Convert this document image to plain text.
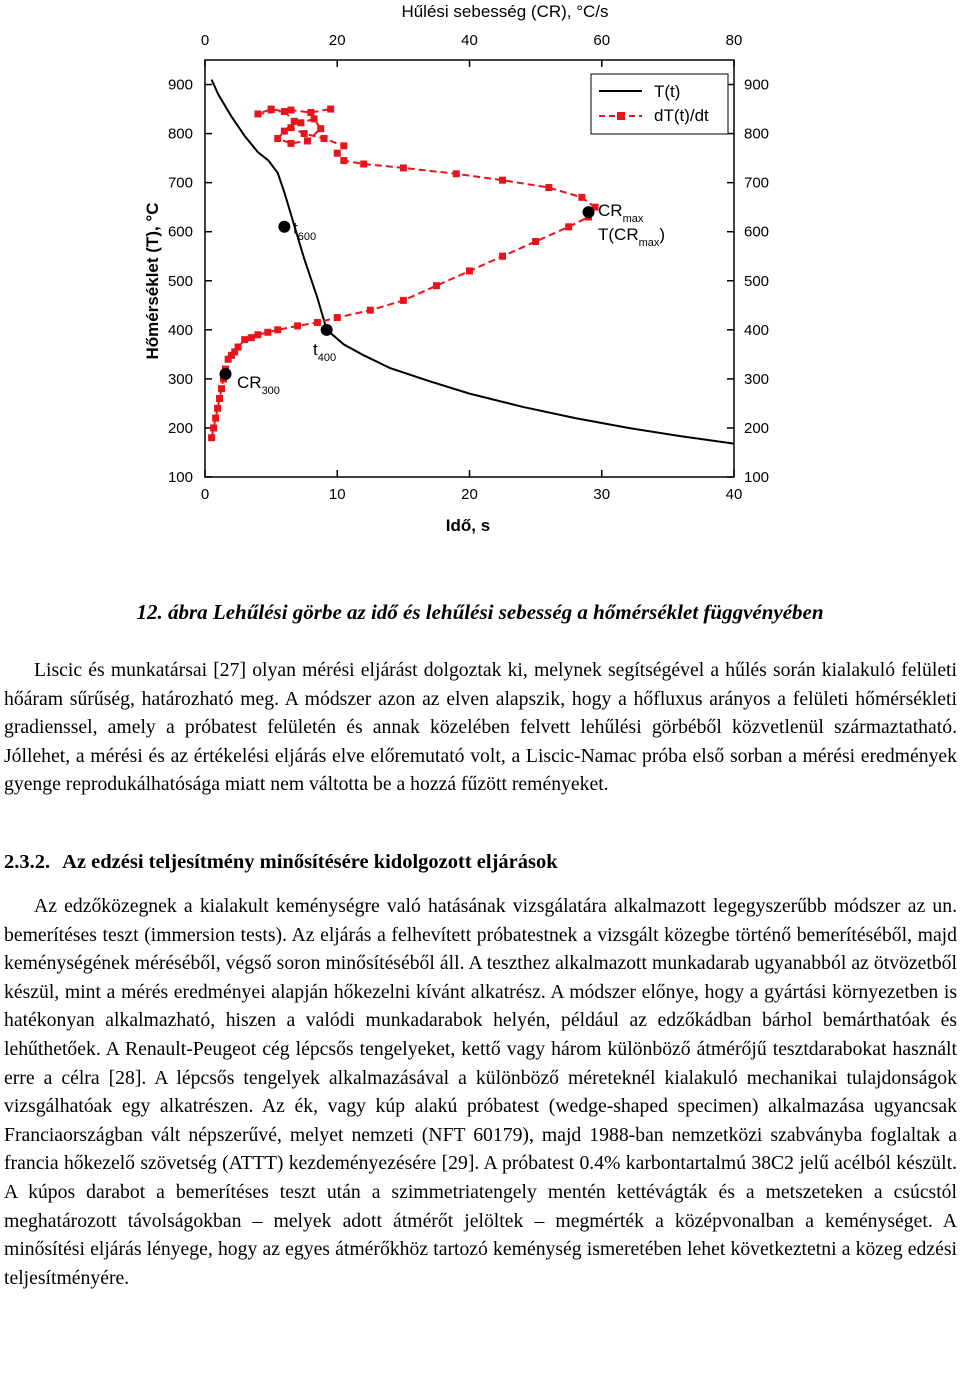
Hűlési sebesség (CR), °C/s
Idő, s
Hőmérséklet (T), °C
0	10	20	30	40
0	20	40	60	80
100	100
200	200
300	300
400	400
500	500
600	600
700	700
800	800
900	900
T(t)
dT(t)/dt
$t_{600}$
$t_{400}$
$CR_{300}$
$CR_{max}$
$T(CR_{max})$

12. ábra Lehűlési görbe az idő és lehűlési sebesség a hőmérséklet függvényében

Liscic és munkatársai [27] olyan mérési eljárást dolgoztak ki, melynek segítségével a hűlés során kialakuló felületi hőáram sűrűség, határozható meg. A módszer azon az elven alapszik, hogy a hőfluxus arányos a felületi hőmérsékleti gradienssel, amely a próbatest felületén és annak közelében felvett lehűlési görbéből közvetlenül származtatható. Jóllehet, a mérési és az értékelési eljárás elve előremutató volt, a Liscic-Namac próba első sorban a mérési eredmények gyenge reprodukálhatósága miatt nem váltotta be a hozzá fűzött reményeket.

2.3.2. Az edzési teljesítmény minősítésére kidolgozott eljárások

Az edzőközegnek a kialakult keménységre való hatásának vizsgálatára alkalmazott legegyszerűbb módszer az un. bemerítéses teszt (immersion tests). Az eljárás a felhevített próbatestnek a vizsgált közegbe történő bemerítéséből, majd keménységének méréséből, végső soron minősítéséből áll. A teszthez alkalmazott munkadarab ugyanabból az ötvözetből készül, mint a mérés eredményei alapján hőkezelni kívánt alkatrész. A módszer előnye, hogy a gyártási környezetben is hatékonyan alkalmazható, hiszen a valódi munkadarabok helyén, például az edzőkádban bárhol bemárthatóak és lehűthetőek. A Renault-Peugeot cég lépcsős tengelyeket, kettő vagy három különböző átmérőjű tesztdarabokat használt erre a célra [28]. A lépcsős tengelyek alkalmazásával a különböző méreteknél kialakuló mechanikai tulajdonságok vizsgálhatóak egy alkatrészen. Az ék, vagy kúp alakú próbatest (wedge-shaped specimen) alkalmazása ugyancsak Franciaországban vált népszerűvé, melyet nemzeti (NFT 60179), majd 1988-ban nemzetközi szabványba foglaltak a francia hőkezelő szövetség (ATTT) kezdeményezésére [29]. A próbatest 0.4% karbontartalmú 38C2 jelű acélból készült. A kúpos darabot a bemerítéses teszt után a szimmetriatengely mentén kettévágták és a metszeteken a csúcstól meghatározott távolságokban – melyek adott átmérőt jelöltek – megmérték a középvonalban a keménységet. A minősítési eljárás lényege, hogy az egyes átmérőkhöz tartozó keménység ismeretében lehet következtetni a közeg edzési teljesítményére.
